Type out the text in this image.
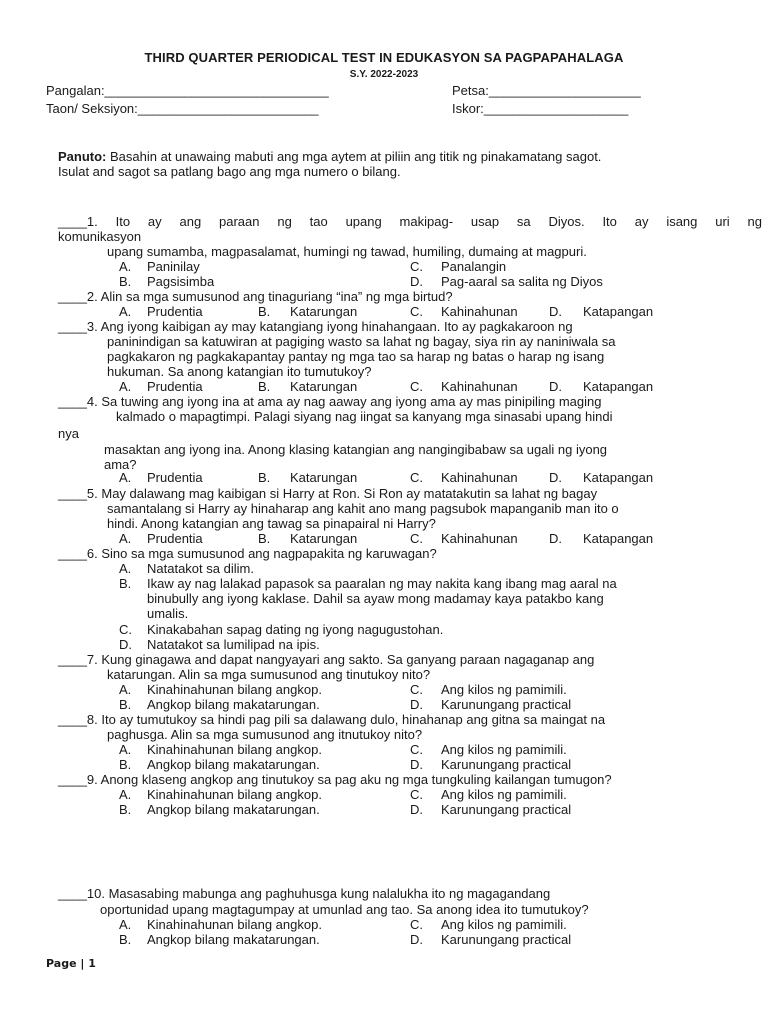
THIRD QUARTER PERIODICAL TEST IN EDUKASYON SA PAGPAPAHALAGA
S.Y. 2022-2023
Pangalan:_______________________________	Petsa:_____________________
Taon/ Seksiyon:_________________________	Iskor:____________________
Panuto: Basahin at unawaing mabuti ang mga aytem at piliin ang titik ng pinakamatang sagot.
Isulat and sagot sa patlang bago ang mga numero o bilang.
____1. Ito ay ang paraan ng tao upang makipag- usap sa Diyos. Ito ay isang uri ng
komunikasyon
upang sumamba, magpasalamat, humingi ng tawad, humiling, dumaing at magpuri.
A. Paninilay	C. Panalangin
B. Pagsisimba	D. Pag-aaral sa salita ng Diyos
____2. Alin sa mga sumusunod ang tinaguriang “ina” ng mga birtud?
A. Prudentia	B. Katarungan	C. Kahinahunan D. Katapangan
____3. Ang iyong kaibigan ay may katangiang iyong hinahangaan. Ito ay pagkakaroon ng
paninindigan sa katuwiran at pagiging wasto sa lahat ng bagay, siya rin ay naniniwala sa
pagkakaron ng pagkakapantay pantay ng mga tao sa harap ng batas o harap ng isang
hukuman. Sa anong katangian ito tumutukoy?
A. Prudentia	B. Katarungan	C. Kahinahunan D. Katapangan
____4. Sa tuwing ang iyong ina at ama ay nag aaway ang iyong ama ay mas pinipiling maging
kalmado o mapagtimpi. Palagi siyang nag iingat sa kanyang mga sinasabi upang hindi
nya
masaktan ang iyong ina. Anong klasing katangian ang nangingibabaw sa ugali ng iyong
ama?
A. Prudentia	B. Katarungan	C. Kahinahunan D. Katapangan
____5. May dalawang mag kaibigan si Harry at Ron. Si Ron ay matatakutin sa lahat ng bagay
samantalang si Harry ay hinaharap ang kahit ano mang pagsubok mapanganib man ito o
hindi. Anong katangian ang tawag sa pinapairal ni Harry?
A. Prudentia	B. Katarungan	C. Kahinahunan D. Katapangan
____6. Sino sa mga sumusunod ang nagpapakita ng karuwagan?
A. Natatakot sa dilim.
B. Ikaw ay nag lalakad papasok sa paaralan ng may nakita kang ibang mag aaral na
binubully ang iyong kaklase. Dahil sa ayaw mong madamay kaya patakbo kang
umalis.
C. Kinakabahan sapag dating ng iyong nagugustohan.
D. Natatakot sa lumilipad na ipis.
____7. Kung ginagawa and dapat nangyayari ang sakto. Sa ganyang paraan nagaganap ang
katarungan. Alin sa mga sumusunod ang tinutukoy nito?
A. Kinahinahunan bilang angkop.	C. Ang kilos ng pamimili.
B. Angkop bilang makatarungan.	D. Karunungang practical
____8. Ito ay tumutukoy sa hindi pag pili sa dalawang dulo, hinahanap ang gitna sa maingat na
paghusga. Alin sa mga sumusunod ang itnutukoy nito?
A. Kinahinahunan bilang angkop.	C. Ang kilos ng pamimili.
B. Angkop bilang makatarungan.	D. Karunungang practical
____9. Anong klaseng angkop ang tinutukoy sa pag aku ng mga tungkuling kailangan tumugon?
A. Kinahinahunan bilang angkop.	C. Ang kilos ng pamimili.
B. Angkop bilang makatarungan.	D. Karunungang practical
____10. Masasabing mabunga ang paghuhusga kung nalalukha ito ng magagandang
oportunidad upang magtagumpay at umunlad ang tao. Sa anong idea ito tumutukoy?
A. Kinahinahunan bilang angkop.	C. Ang kilos ng pamimili.
B. Angkop bilang makatarungan.	D. Karunungang practical
Page | 1
